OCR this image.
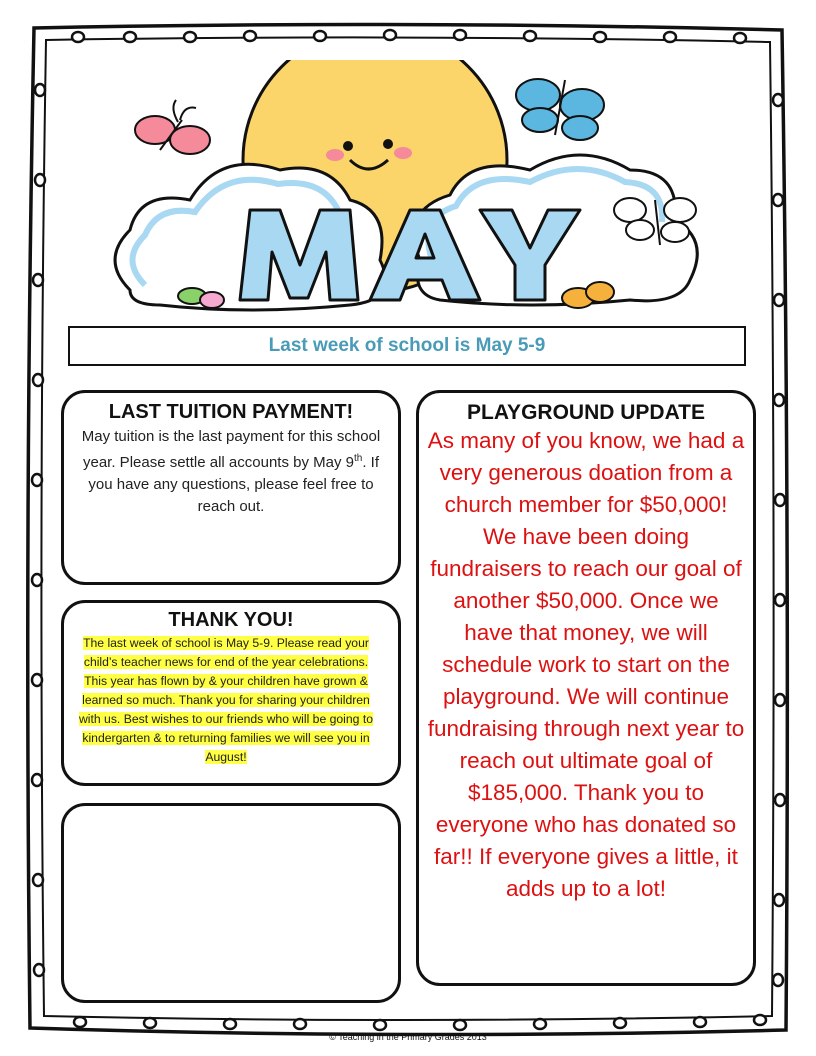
Last week of school is May 5-9
LAST TUITION PAYMENT!
May tuition is the last payment for this school year. Please settle all accounts by May 9th. If you have any questions, please feel free to reach out.
THANK YOU!
The last week of school is May 5-9. Please read your child’s teacher news for end of the year celebrations. This year has flown by & your children have grown & learned so much. Thank you for sharing your children with us. Best wishes to our friends who will be going to kindergarten & to returning families we will see you in August!
PLAYGROUND UPDATE
As many of you know, we had a very generous doation from a church member for $50,000! We have been doing fundraisers to reach our goal of another $50,000. Once we have that money, we will schedule work to start on the playground. We will continue fundraising through next year to reach out ultimate goal of $185,000. Thank you to everyone who has donated so far!! If everyone gives a little, it adds up to a lot!
© Teaching in the Primary Grades 2013
